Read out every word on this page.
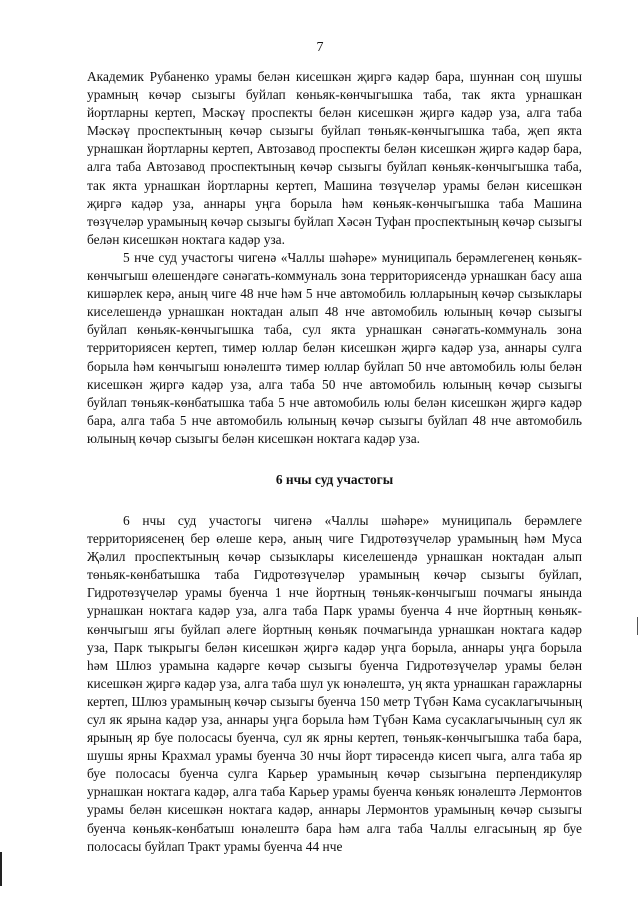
7

Академик Рубаненко урамы белән кисешкән җиргә кадәр бара, шуннан соң шушы урамның көчәр сызыгы буйлап көньяк-көнчыгышка таба, так якта урнашкан йортларны кертеп, Мәскәү проспекты белән кисешкән җиргә кадәр уза, алга таба Мәскәү проспектының көчәр сызыгы буйлап төньяк-көнчыгышка таба, җеп якта урнашкан йортларны кертеп, Автозавод проспекты белән кисешкән җиргә кадәр бара, алга таба Автозавод проспектының көчәр сызыгы буйлап көньяк-көнчыгышка таба, так якта урнашкан йортларны кертеп, Машина төзүчеләр урамы белән кисешкән җиргә кадәр уза, аннары уңга борыла һәм көньяк-көнчыгышка таба Машина төзүчеләр урамының көчәр сызыгы буйлап Хәсән Туфан проспектының көчәр сызыгы белән кисешкән ноктага кадәр уза.

5 нче суд участогы чигенә «Чаллы шәһәре» муниципаль берәмлегенең көньяк-көнчыгыш өлешендәге сәнәгать-коммуналь зона территориясендә урнашкан басу аша кишәрлек керә, аның чиге 48 нче һәм 5 нче автомобиль юлларының көчәр сызыклары киселешендә урнашкан ноктадан алып 48 нче автомобиль юлының көчәр сызыгы буйлап көньяк-көнчыгышка таба, сул якта урнашкан сәнәгать-коммуналь зона территориясен кертеп, тимер юллар белән кисешкән җиргә кадәр уза, аннары сулга борыла һәм көнчыгыш юнәлештә тимер юллар буйлап 50 нче автомобиль юлы белән кисешкән җиргә кадәр уза, алга таба 50 нче автомобиль юлының көчәр сызыгы буйлап төньяк-көнбатышка таба 5 нче автомобиль юлы белән кисешкән җиргә кадәр бара, алга таба 5 нче автомобиль юлының көчәр сызыгы буйлап 48 нче автомобиль юлының көчәр сызыгы белән кисешкән ноктага кадәр уза.

6 нчы суд участогы

6 нчы суд участогы чигенә «Чаллы шәһәре» муниципаль берәмлеге территориясенең бер өлеше керә, аның чиге Гидротөзүчеләр урамының һәм Муса Җәлил проспектының көчәр сызыклары киселешендә урнашкан ноктадан алып төньяк-көнбатышка таба Гидротөзүчеләр урамының көчәр сызыгы буйлап, Гидротөзүчеләр урамы буенча 1 нче йортның төньяк-көнчыгыш почмагы янында урнашкан ноктага кадәр уза, алга таба Парк урамы буенча 4 нче йортның көньяк-көнчыгыш ягы буйлап әлеге йортның көньяк почмагында урнашкан ноктага кадәр уза, Парк тыкрыгы белән кисешкән җиргә кадәр уңга борыла, аннары уңга борыла һәм Шлюз урамына кадәрге көчәр сызыгы буенча Гидротөзүчеләр урамы белән кисешкән җиргә кадәр уза, алга таба шул ук юнәлештә, уң якта урнашкан гаражларны кертеп, Шлюз урамының көчәр сызыгы буенча 150 метр Түбән Кама сусаклагычының сул як ярына кадәр уза, аннары уңга борыла һәм Түбән Кама сусаклагычының сул як ярының яр буе полосасы буенча, сул як ярны кертеп, төньяк-көнчыгышка таба бара, шушы ярны Крахмал урамы буенча 30 нчы йорт тирәсендә кисеп чыга, алга таба яр буе полосасы буенча сулга Карьер урамының көчәр сызыгына перпендикуляр урнашкан ноктага кадәр, алга таба Карьер урамы буенча көньяк юнәлештә Лермонтов урамы белән кисешкән ноктага кадәр, аннары Лермонтов урамының көчәр сызыгы буенча көньяк-көнбатыш юнәлештә бара һәм алга таба Чаллы елгасының яр буе полосасы буйлап Тракт урамы буенча 44 нче
